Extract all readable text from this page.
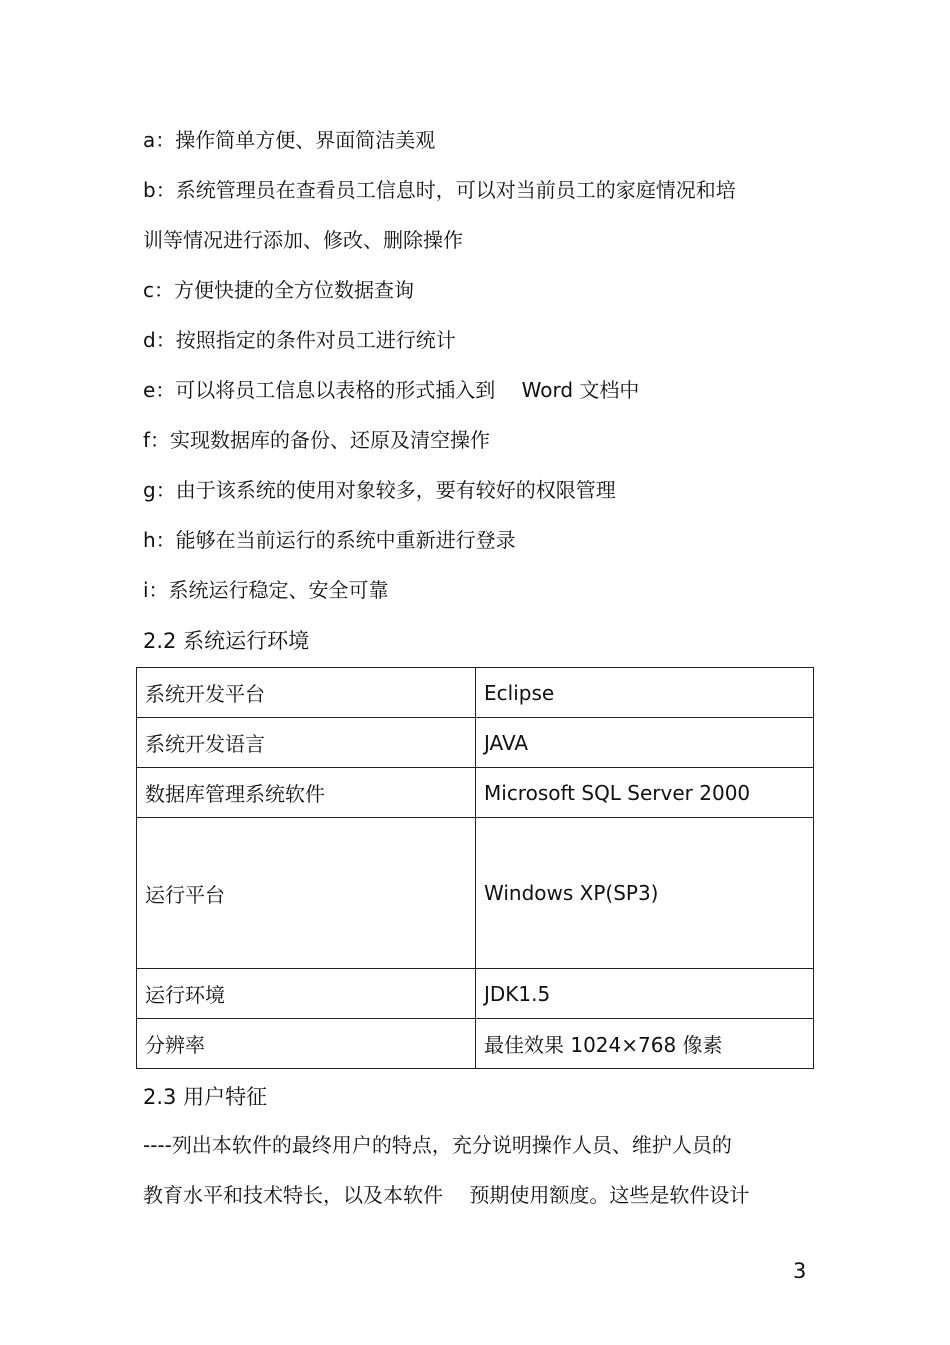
a：操作简单方便、界面简洁美观
b：系统管理员在查看员工信息时，可以对当前员工的家庭情况和培
训等情况进行添加、修改、删除操作
c：方便快捷的全方位数据查询
d：按照指定的条件对员工进行统计
e：可以将员工信息以表格的形式插入到　 Word 文档中
f：实现数据库的备份、还原及清空操作
g：由于该系统的使用对象较多，要有较好的权限管理
h：能够在当前运行的系统中重新进行登录
i：系统运行稳定、安全可靠
2.2 系统运行环境
系统开发平台	Eclipse
系统开发语言	JAVA
数据库管理系统软件	Microsoft SQL Server 2000
运行平台	Windows XP(SP3)
运行环境	JDK1.5
分辨率	最佳效果 1024×768 像素
2.3 用户特征
----列出本软件的最终用户的特点，充分说明操作人员、维护人员的
教育水平和技术特长，以及本软件　 预期使用额度。这些是软件设计
3
